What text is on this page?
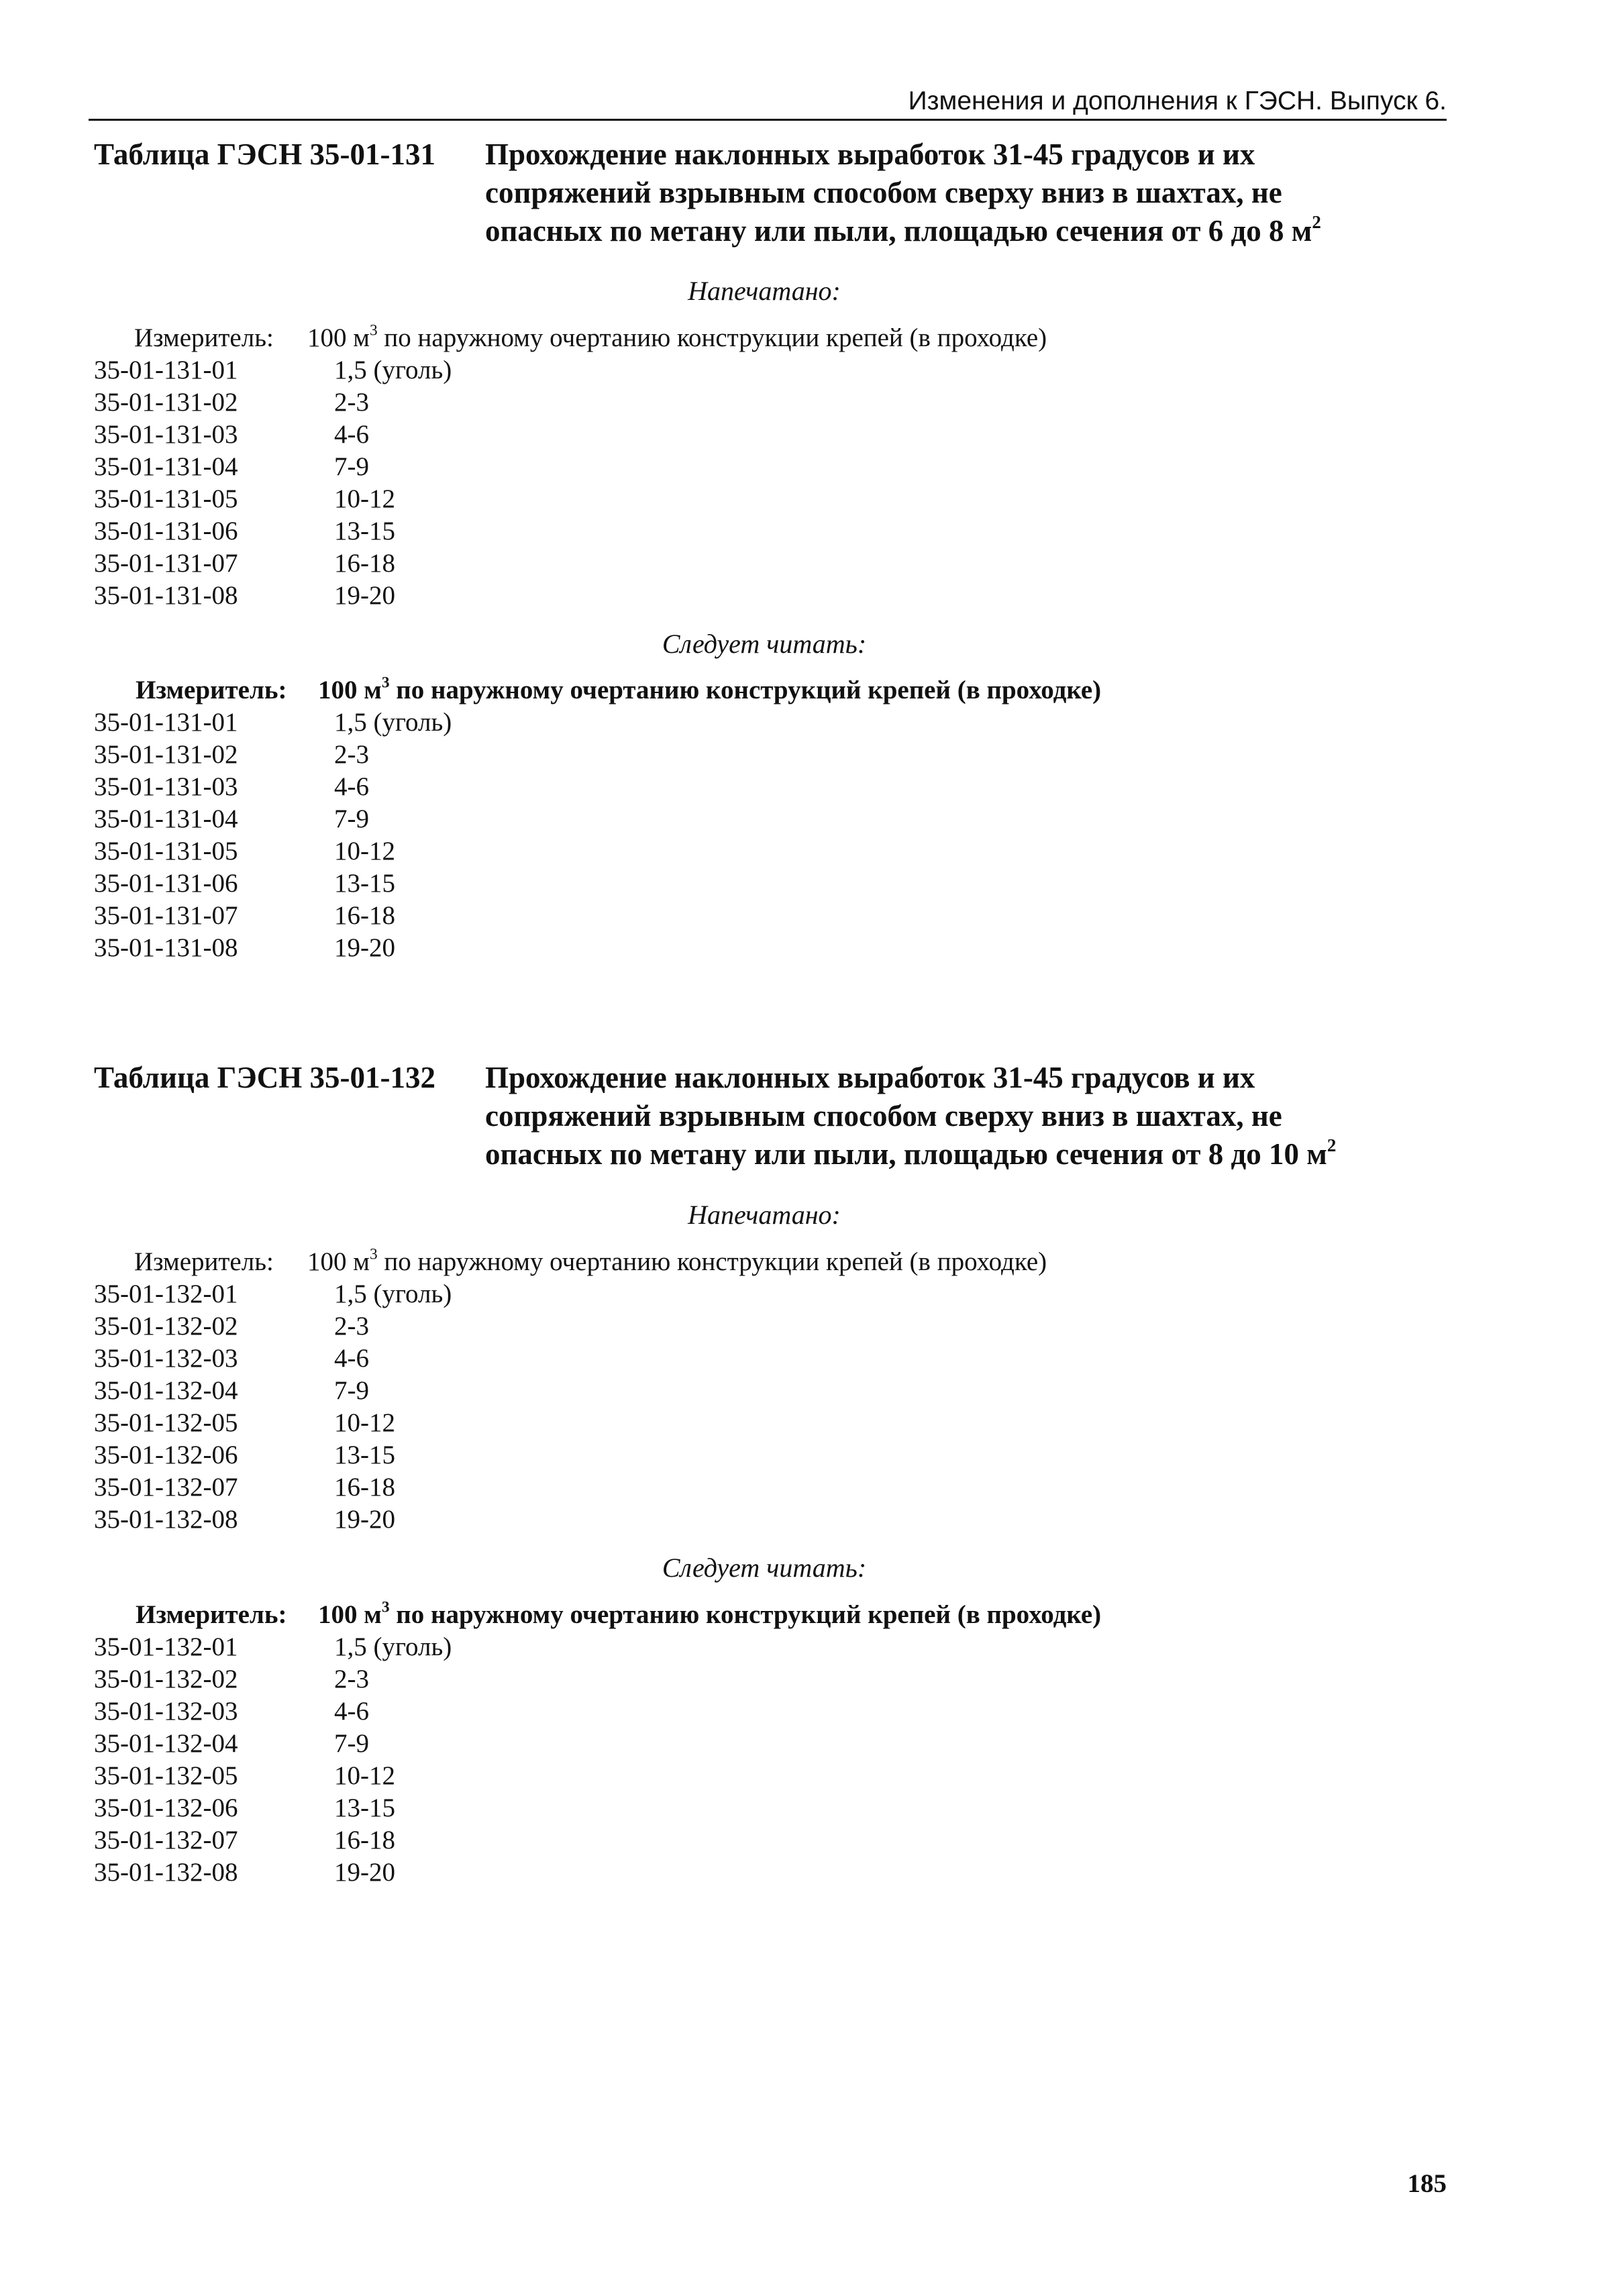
Изменения и дополнения к ГЭСН. Выпуск 6.
Таблица ГЭСН 35-01-131 Прохождение наклонных выработок 31-45 градусов и их
сопряжений взрывным способом сверху вниз в шахтах, не
опасных по метану или пыли, площадью сечения от 6 до 8 $м^2$
Напечатано:
Измеритель: 100 $м^3$ по наружному очертанию конструкции крепей (в проходке)
35-01-131-01	1,5 (уголь)
35-01-131-02	2-3
35-01-131-03	4-6
35-01-131-04	7-9
35-01-131-05	10-12
35-01-131-06	13-15
35-01-131-07	16-18
35-01-131-08	19-20
Следует читать:
Измеритель: 100 $м^3$ по наружному очертанию конструкций крепей (в проходке)
35-01-131-01	1,5 (уголь)
35-01-131-02	2-3
35-01-131-03	4-6
35-01-131-04	7-9
35-01-131-05	10-12
35-01-131-06	13-15
35-01-131-07	16-18
35-01-131-08	19-20
Таблица ГЭСН 35-01-132 Прохождение наклонных выработок 31-45 градусов и их
сопряжений взрывным способом сверху вниз в шахтах, не
опасных по метану или пыли, площадью сечения от 8 до 10 $м^2$
Напечатано:
Измеритель: 100 $м^3$ по наружному очертанию конструкции крепей (в проходке)
35-01-132-01	1,5 (уголь)
35-01-132-02	2-3
35-01-132-03	4-6
35-01-132-04	7-9
35-01-132-05	10-12
35-01-132-06	13-15
35-01-132-07	16-18
35-01-132-08	19-20
Следует читать:
Измеритель: 100 $м^3$ по наружному очертанию конструкций крепей (в проходке)
35-01-132-01	1,5 (уголь)
35-01-132-02	2-3
35-01-132-03	4-6
35-01-132-04	7-9
35-01-132-05	10-12
35-01-132-06	13-15
35-01-132-07	16-18
35-01-132-08	19-20
185
